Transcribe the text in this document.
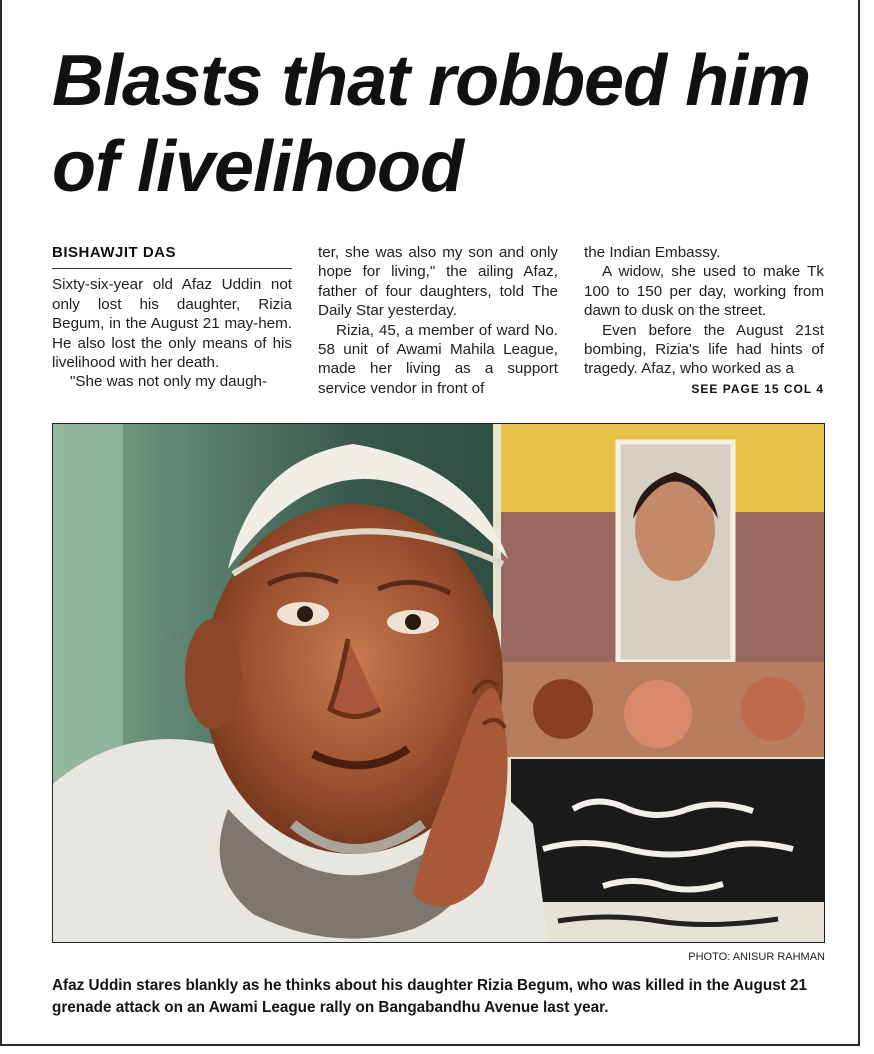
Blasts that robbed him
of livelihood
BISHAWJIT DAS

Sixty-six-year old Afaz Uddin not only lost his daughter, Rizia Begum, in the August 21 may-hem. He also lost the only means of his livelihood with her death.

"She was not only my daugh-

ter, she was also my son and only hope for living," the ailing Afaz, father of four daughters, told The Daily Star yesterday.

Rizia, 45, a member of ward No. 58 unit of Awami Mahila League, made her living as a support service vendor in front of

the Indian Embassy.

A widow, she used to make Tk 100 to 150 per day, working from dawn to dusk on the street.

Even before the August 21st bombing, Rizia's life had hints of tragedy. Afaz, who worked as a

SEE PAGE 15 COL 4
PHOTO: ANISUR RAHMAN

Afaz Uddin stares blankly as he thinks about his daughter Rizia Begum, who was killed in the August 21 grenade attack on an Awami League rally on Bangabandhu Avenue last year.
